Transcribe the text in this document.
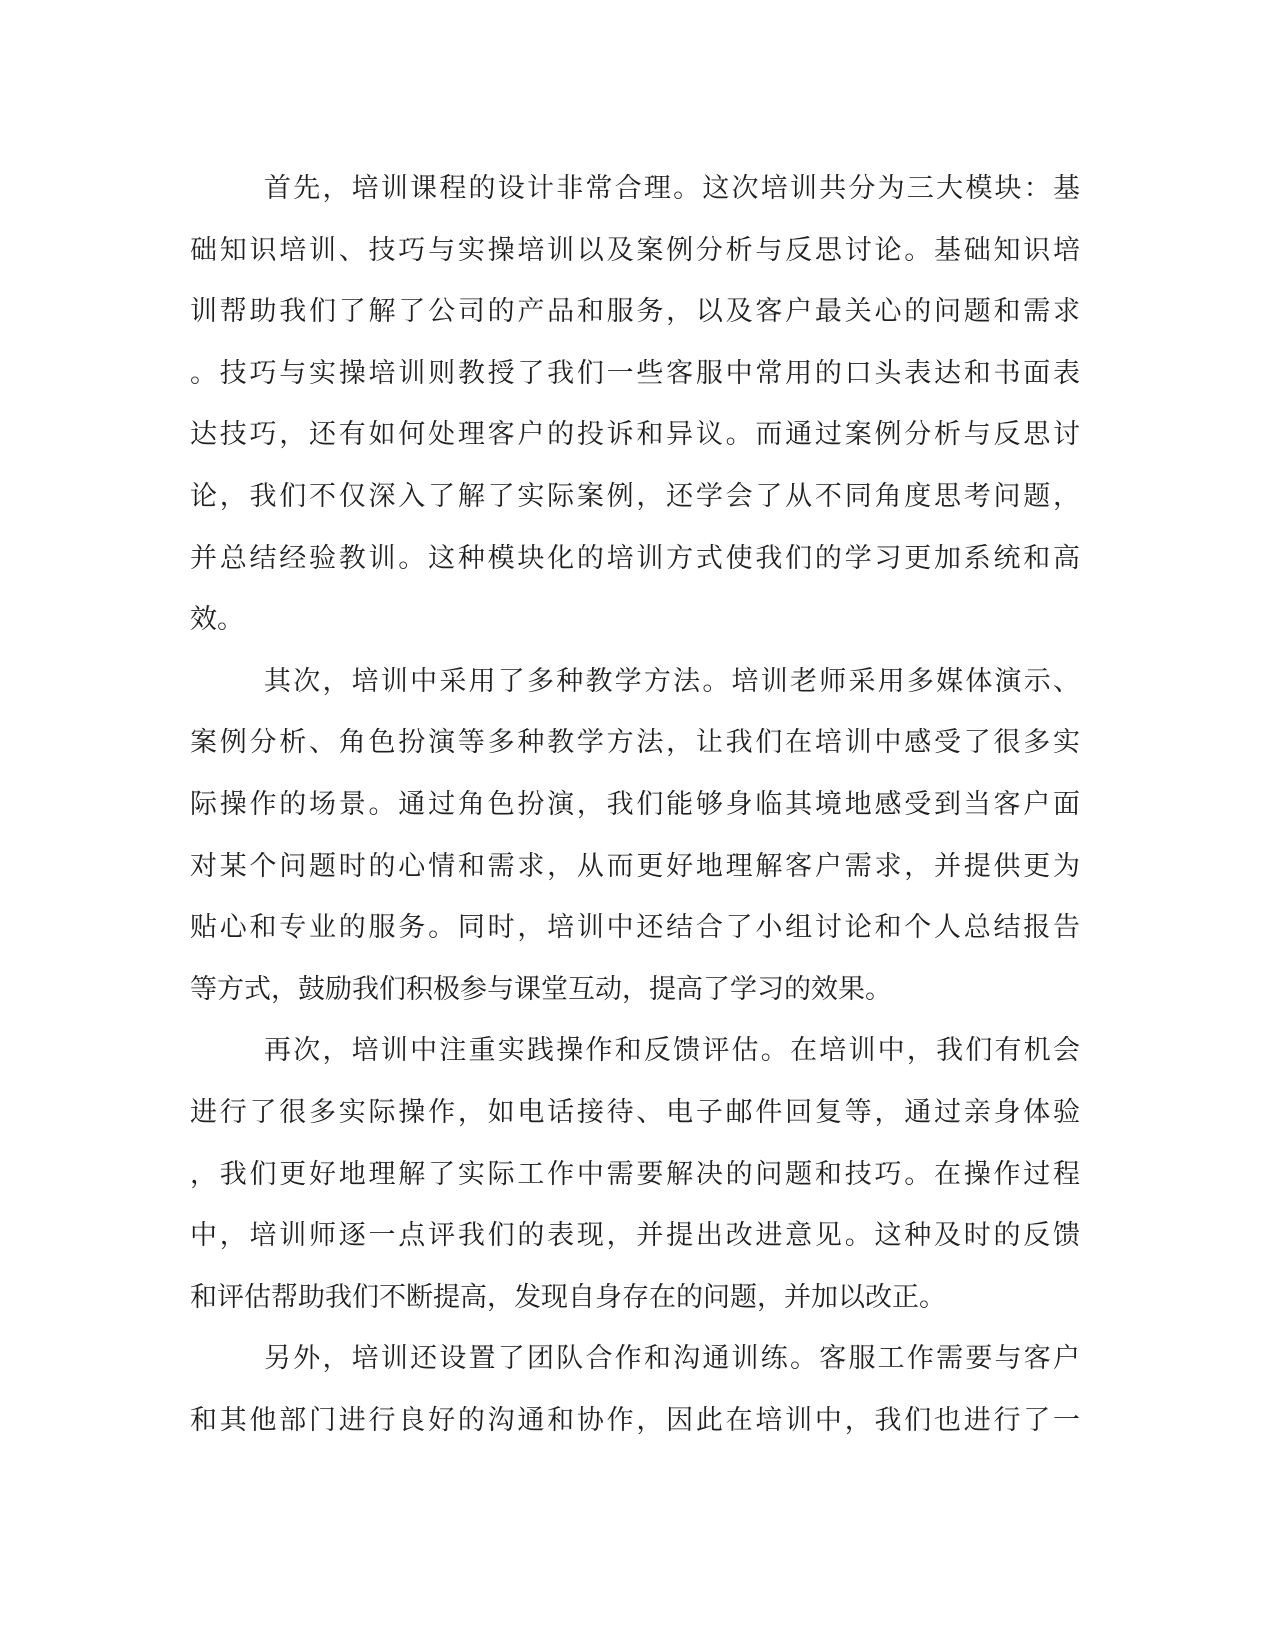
首先，培训课程的设计非常合理。这次培训共分为三大模块：基
础知识培训、技巧与实操培训以及案例分析与反思讨论。基础知识培
训帮助我们了解了公司的产品和服务，以及客户最关心的问题和需求
。技巧与实操培训则教授了我们一些客服中常用的口头表达和书面表
达技巧，还有如何处理客户的投诉和异议。而通过案例分析与反思讨
论，我们不仅深入了解了实际案例，还学会了从不同角度思考问题，
并总结经验教训。这种模块化的培训方式使我们的学习更加系统和高
效。
其次，培训中采用了多种教学方法。培训老师采用多媒体演示、
案例分析、角色扮演等多种教学方法，让我们在培训中感受了很多实
际操作的场景。通过角色扮演，我们能够身临其境地感受到当客户面
对某个问题时的心情和需求，从而更好地理解客户需求，并提供更为
贴心和专业的服务。同时，培训中还结合了小组讨论和个人总结报告
等方式，鼓励我们积极参与课堂互动，提高了学习的效果。
再次，培训中注重实践操作和反馈评估。在培训中，我们有机会
进行了很多实际操作，如电话接待、电子邮件回复等，通过亲身体验
，我们更好地理解了实际工作中需要解决的问题和技巧。在操作过程
中，培训师逐一点评我们的表现，并提出改进意见。这种及时的反馈
和评估帮助我们不断提高，发现自身存在的问题，并加以改正。
另外，培训还设置了团队合作和沟通训练。客服工作需要与客户
和其他部门进行良好的沟通和协作，因此在培训中，我们也进行了一
